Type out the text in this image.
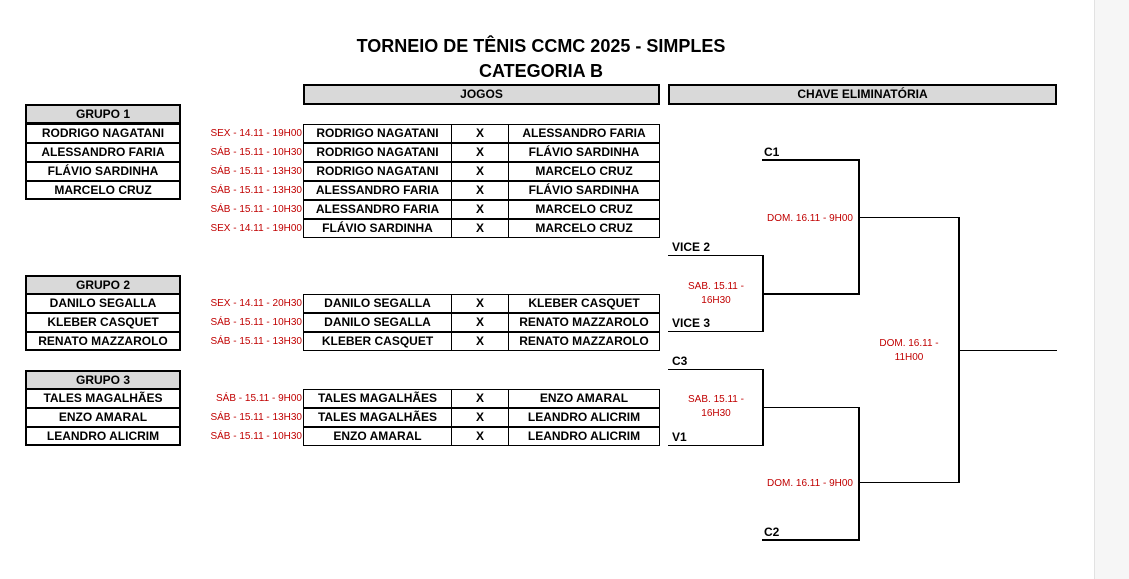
TORNEIO DE TÊNIS CCMC 2025 - SIMPLES
CATEGORIA B
JOGOS	CHAVE ELIMINATÓRIA
GRUPO 1
RODRIGO NAGATANI
ALESSANDRO FARIA
FLÁVIO SARDINHA
MARCELO CRUZ
GRUPO 2
DANILO SEGALLA
KLEBER CASQUET
RENATO MAZZAROLO
GRUPO 3
TALES MAGALHÃES
ENZO AMARAL
LEANDRO ALICRIM
SEX - 14.11 - 19H00	RODRIGO NAGATANI	X	ALESSANDRO FARIA
SÁB - 15.11 - 10H30	RODRIGO NAGATANI	X	FLÁVIO SARDINHA
SÁB - 15.11 - 13H30	RODRIGO NAGATANI	X	MARCELO CRUZ
SÁB - 15.11 - 13H30	ALESSANDRO FARIA	X	FLÁVIO SARDINHA
SÁB - 15.11 - 10H30	ALESSANDRO FARIA	X	MARCELO CRUZ
SEX - 14.11 - 19H00	FLÁVIO SARDINHA	X	MARCELO CRUZ
SEX - 14.11 - 20H30	DANILO SEGALLA	X	KLEBER CASQUET
SÁB - 15.11 - 10H30	DANILO SEGALLA	X	RENATO MAZZAROLO
SÁB - 15.11 - 13H30	KLEBER CASQUET	X	RENATO MAZZAROLO
SÁB - 15.11 - 9H00	TALES MAGALHÃES	X	ENZO AMARAL
SÁB - 15.11 - 13H30	TALES MAGALHÃES	X	LEANDRO ALICRIM
SÁB - 15.11 - 10H30	ENZO AMARAL	X	LEANDRO ALICRIM
C1
VICE 2
VICE 3
C3
V1
C2
SAB. 15.11 -
16H30
SAB. 15.11 -
16H30
DOM. 16.11 - 9H00
DOM. 16.11 - 9H00
DOM. 16.11 -
11H00
